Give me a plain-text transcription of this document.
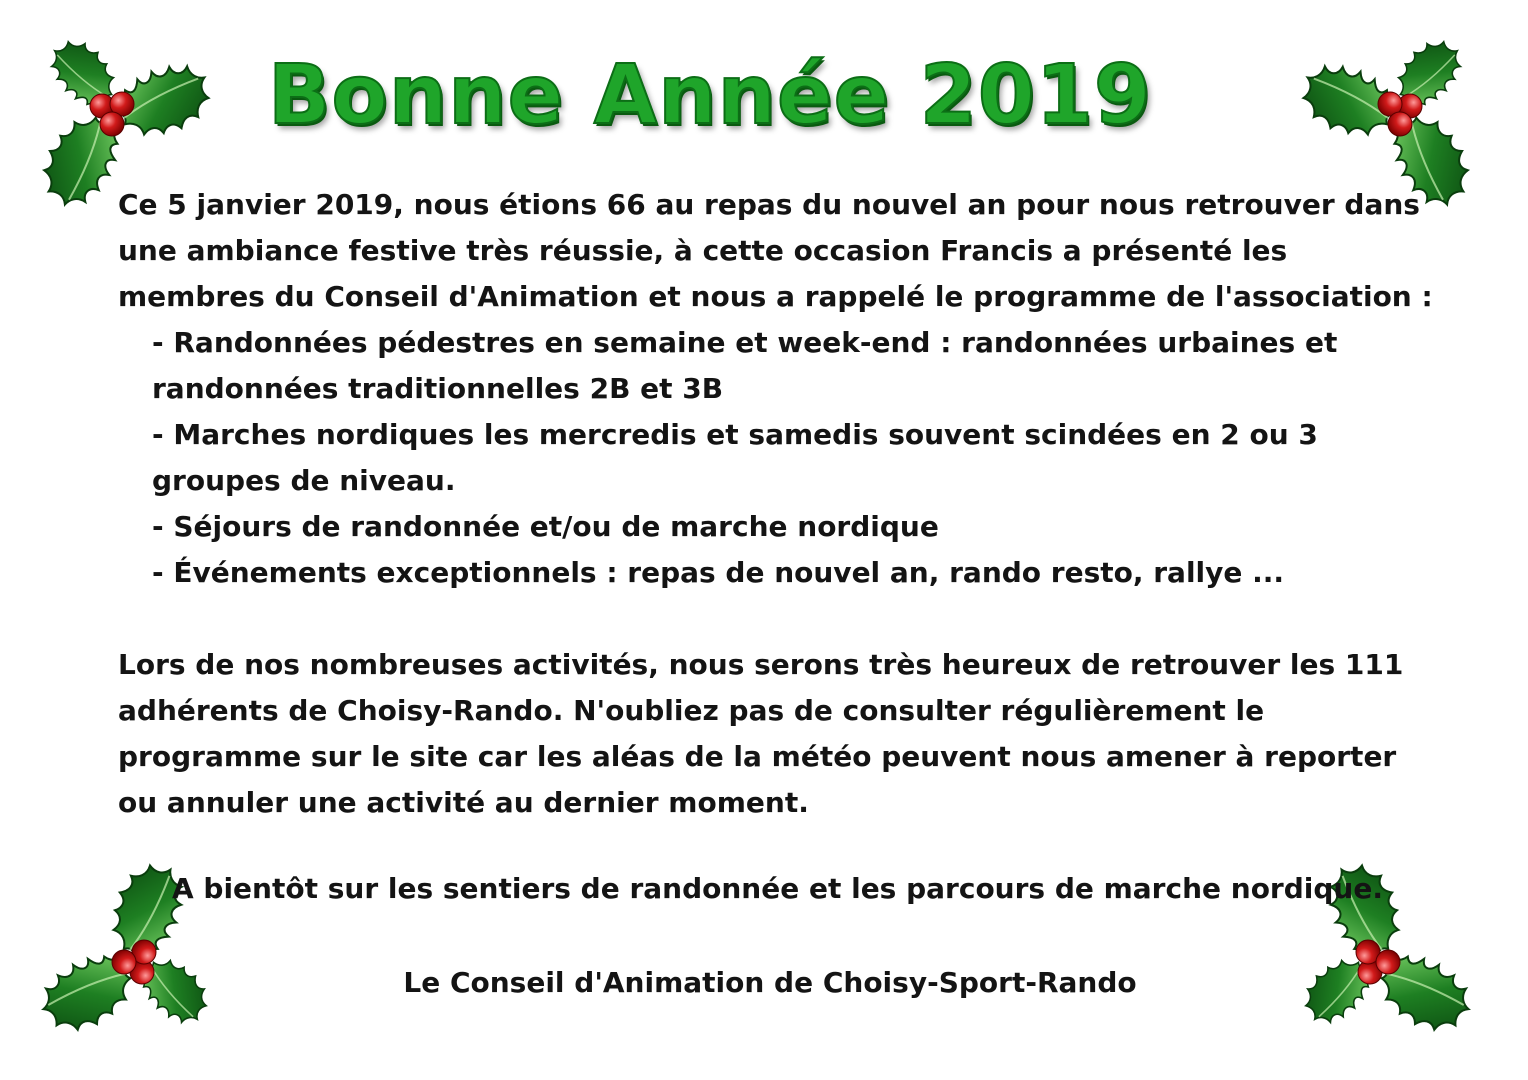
Bonne Année 2019

Ce 5 janvier 2019, nous étions 66 au repas du nouvel an pour nous retrouver dans une ambiance festive très réussie, à cette occasion Francis a présenté les membres du Conseil d'Animation et nous a rappelé le programme de l'association :

- Randonnées pédestres en semaine et week-end : randonnées urbaines et randonnées traditionnelles 2B et 3B

- Marches nordiques les mercredis et samedis souvent scindées en 2 ou 3 groupes de niveau.

- Séjours de randonnée et/ou de marche nordique

- Événements exceptionnels : repas de nouvel an, rando resto, rallye ...

Lors de nos nombreuses activités, nous serons très heureux de retrouver les 111 adhérents de Choisy-Rando. N'oubliez pas de consulter régulièrement le programme sur le site car les aléas de la météo peuvent nous amener à reporter ou annuler une activité au dernier moment.

A bientôt sur les sentiers de randonnée et les parcours de marche nordique.
Le Conseil d'Animation de Choisy-Sport-Rando
